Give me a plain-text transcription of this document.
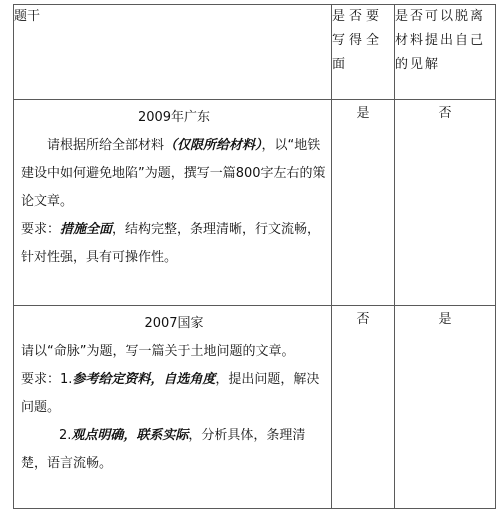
题干	是否要写得全面	是否可以脱离材料提出自己的见解

2009年广东

请根据所给全部材料（仅限所给材料），以“地铁建设中如何避免地陷”为题，撰写一篇800字左右的策论文章。

要求：措施全面，结构完整，条理清晰，行文流畅，针对性强，具有可操作性。	是	否

2007国家

请以“命脉”为题，写一篇关于土地问题的文章。

要求：1.参考给定资料，自选角度，提出问题，解决问题。

2.观点明确，联系实际，分析具体，条理清楚，语言流畅。	否	是
